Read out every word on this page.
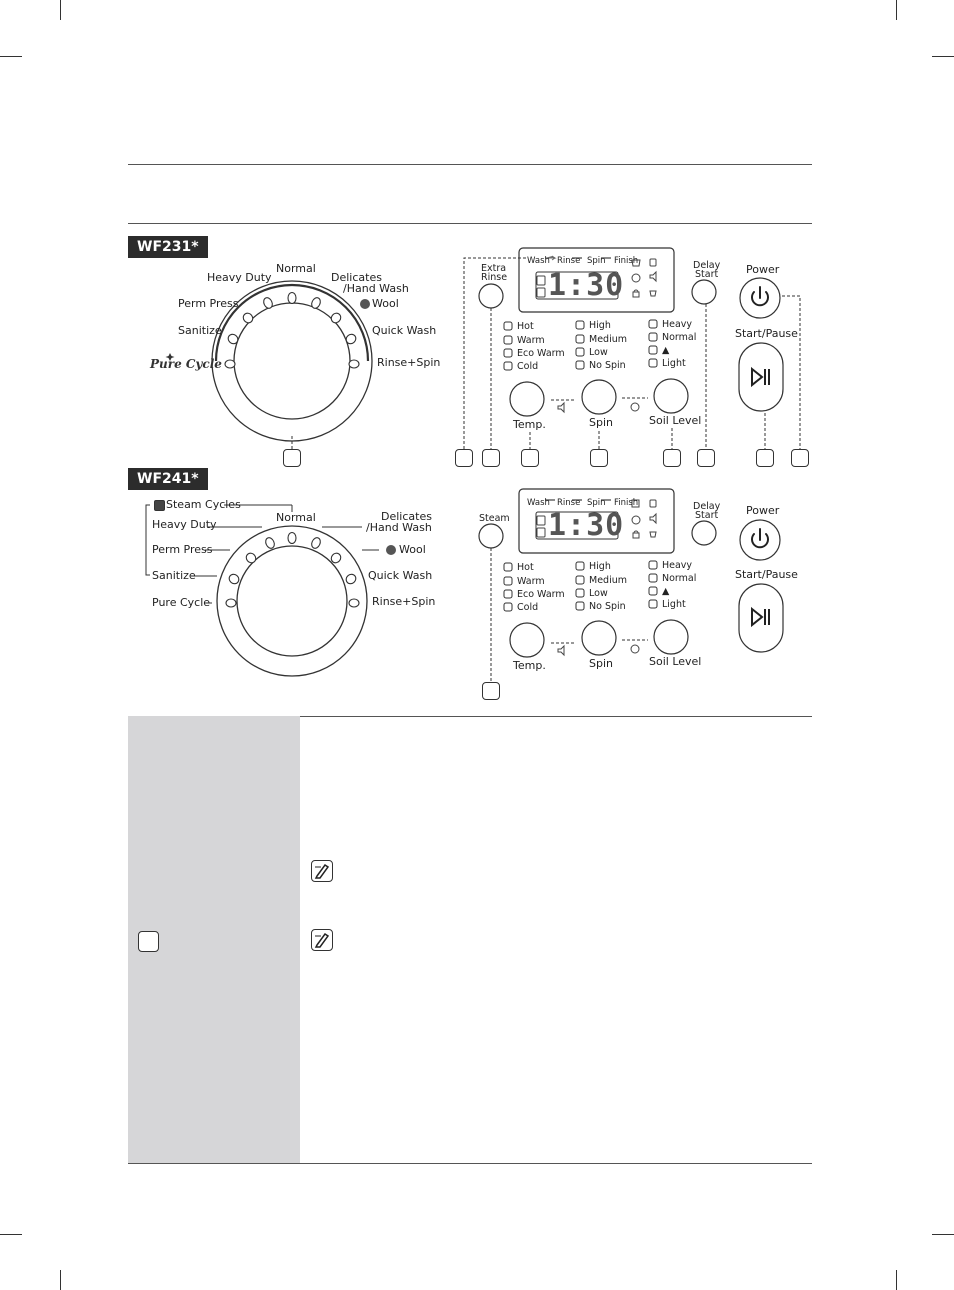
WF231*
WF241*
Normal
Heavy Duty	Delicates
/Hand Wash
Perm Press	Wool
Sanitize	Quick Wash
Pure Cycle	Rinse+Spin
Wash Rinse Spin Finish
1:30
Extra
Rinse
Delay
Start	Power
Start/Pause
Hot
Warm
Eco Warm
Cold
High
Medium
Low
No Spin
Heavy
Normal
▲
Light
Temp.	Spin	Soil Level
Steam Cycles
Normal
Heavy Duty
Delicates
/Hand Wash
Perm Press	Wool
Sanitize	Quick Wash
Pure Cycle	Rinse+Spin
Wash Rinse Spin Finish
1:30
Steam
Delay
Start	Power
Start/Pause
Hot
Warm
Eco Warm
Cold
High
Medium
Low
No Spin
Heavy
Normal
▲
Light
Temp.	Spin	Soil Level
